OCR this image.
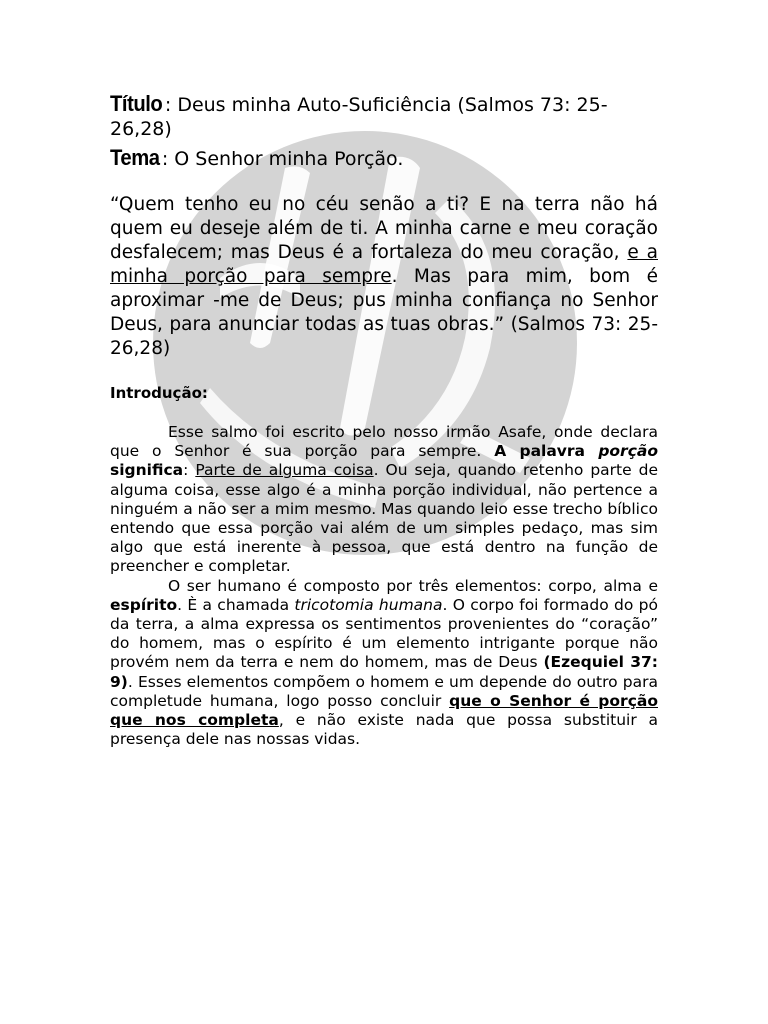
Título : Deus minha Auto-Suficiência (Salmos 73: 25-26,28)

Tema : O Senhor minha Porção.

“Quem tenho eu no céu senão a ti? E na terra não há quem eu deseje além de ti. A minha carne e meu coração desfalecem; mas Deus é a fortaleza do meu coração, e a minha porção para sempre. Mas para mim, bom é aproximar -me de Deus; pus minha confiança no Senhor Deus, para anunciar todas as tuas obras.” (Salmos 73: 25-26,28)
Introdução:

Esse salmo foi escrito pelo nosso irmão Asafe, onde declara que o Senhor é sua porção para sempre. A palavra porção significa: Parte de alguma coisa. Ou seja, quando retenho parte de alguma coisa, esse algo é a minha porção individual, não pertence a ninguém a não ser a mim mesmo. Mas quando leio esse trecho bíblico entendo que essa porção vai além de um simples pedaço, mas sim algo que está inerente à pessoa, que está dentro na função de preencher e completar.

O ser humano é composto por três elementos: corpo, alma e espírito. È a chamada tricotomia humana. O corpo foi formado do pó da terra, a alma expressa os sentimentos provenientes do “coração” do homem, mas o espírito é um elemento intrigante porque não provém nem da terra e nem do homem, mas de Deus (Ezequiel 37: 9). Esses elementos compõem o homem e um depende do outro para completude humana, logo posso concluir que o Senhor é porção que nos completa, e não existe nada que possa substituir a presença dele nas nossas vidas.
